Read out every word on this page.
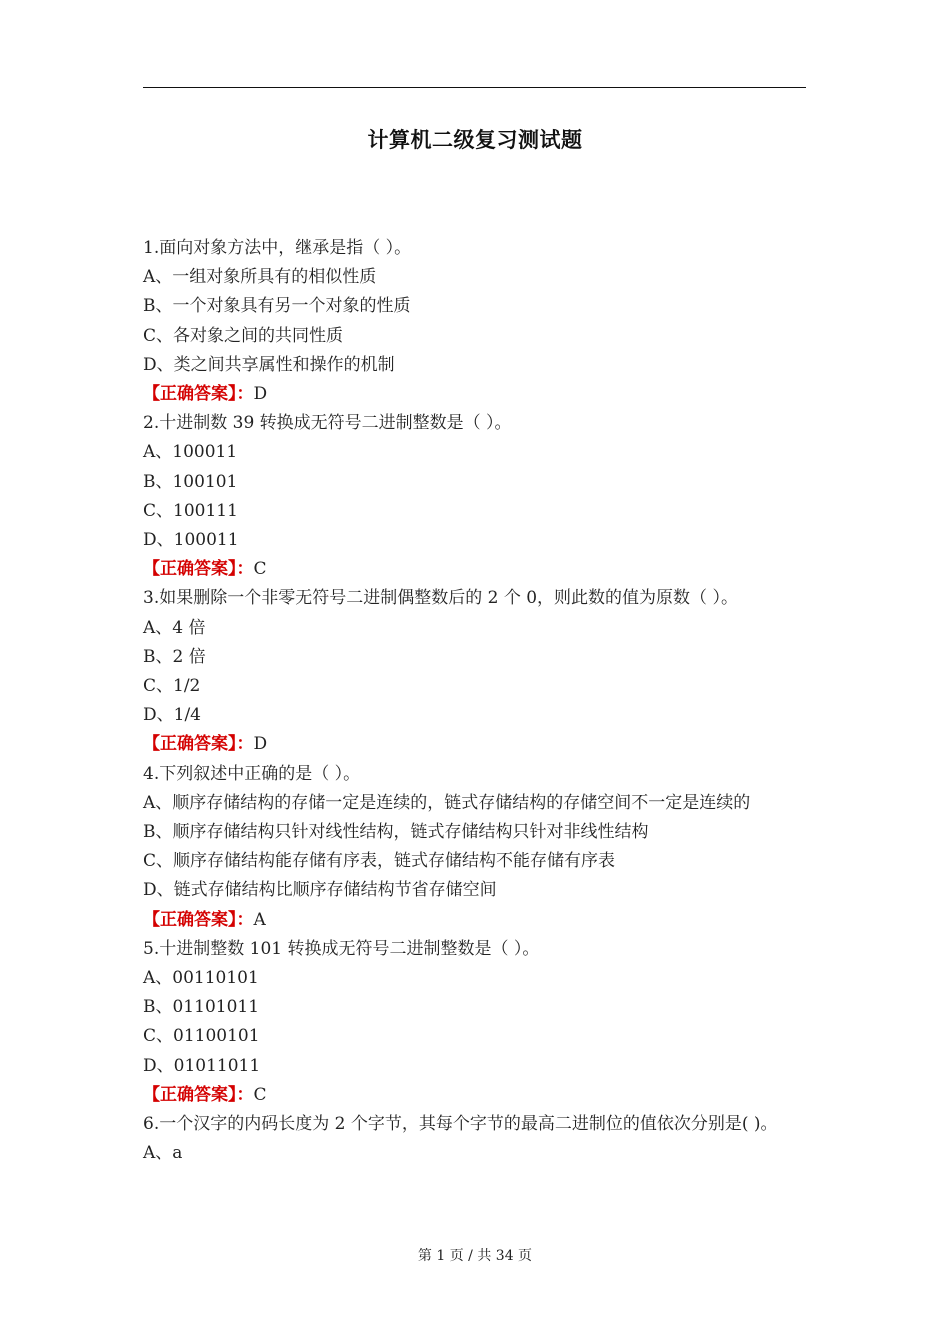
计算机二级复习测试题
1.面向对象方法中，继承是指（ ）。
A、一组对象所具有的相似性质
B、一个对象具有另一个对象的性质
C、各对象之间的共同性质
D、类之间共享属性和操作的机制
【正确答案】：D
2.十进制数 39 转换成无符号二进制整数是（ ）。
A、100011
B、100101
C、100111
D、100011
【正确答案】：C
3.如果删除一个非零无符号二进制偶整数后的 2 个 0，则此数的值为原数（ ）。
A、4 倍
B、2 倍
C、1/2
D、1/4
【正确答案】：D
4.下列叙述中正确的是（ ）。
A、顺序存储结构的存储一定是连续的，链式存储结构的存储空间不一定是连续的
B、顺序存储结构只针对线性结构，链式存储结构只针对非线性结构
C、顺序存储结构能存储有序表，链式存储结构不能存储有序表
D、链式存储结构比顺序存储结构节省存储空间
【正确答案】：A
5.十进制整数 101 转换成无符号二进制整数是（ ）。
A、00110101
B、01101011
C、01100101
D、01011011
【正确答案】：C
6.一个汉字的内码长度为 2 个字节，其每个字节的最高二进制位的值依次分别是( )。
A、a
第 1 页 / 共 34 页
